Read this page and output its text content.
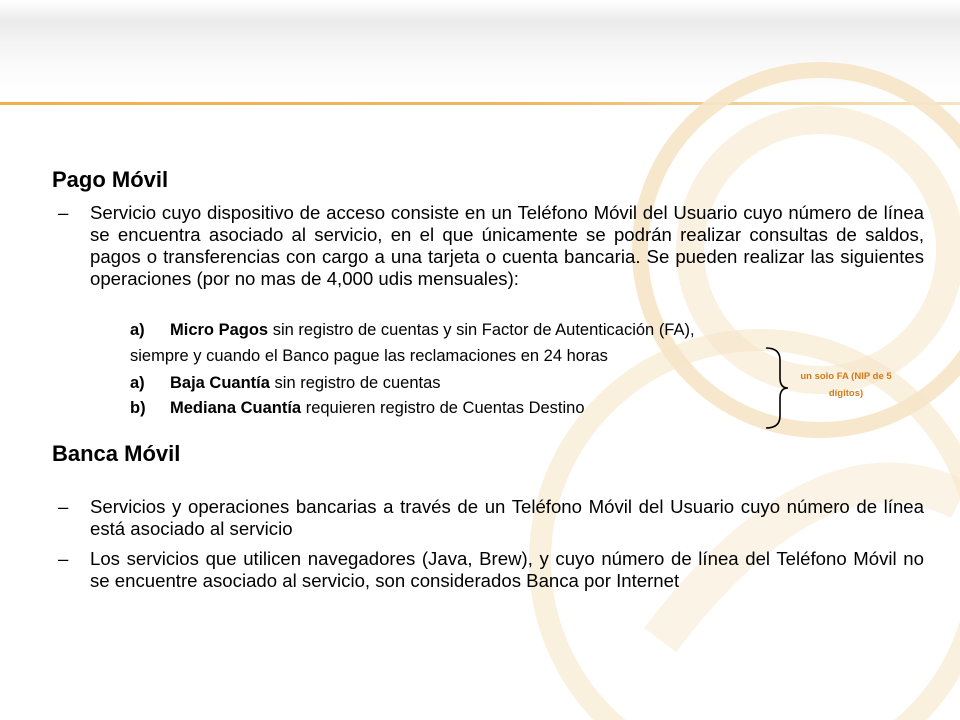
Pago Móvil
– Servicio cuyo dispositivo de acceso consiste en un Teléfono Móvil del Usuario cuyo número de línea se encuentra asociado al servicio, en el que únicamente se podrán realizar consultas de saldos, pagos o transferencias con cargo a una tarjeta o cuenta bancaria. Se pueden realizar las siguientes operaciones (por no mas de 4,000 udis mensuales):
a) Micro Pagos sin registro de cuentas y sin Factor de Autenticación (FA),
siempre y cuando el Banco pague las reclamaciones en 24 horas
a) Baja Cuantía sin registro de cuentas
b) Mediana Cuantía requieren registro de Cuentas Destino
un solo FA (NIP de 5 dígitos)
Banca Móvil
– Servicios y operaciones bancarias a través de un Teléfono Móvil del Usuario cuyo número de línea está asociado al servicio
– Los servicios que utilicen navegadores (Java, Brew), y cuyo número de línea del Teléfono Móvil no se encuentre asociado al servicio, son considerados Banca por Internet
